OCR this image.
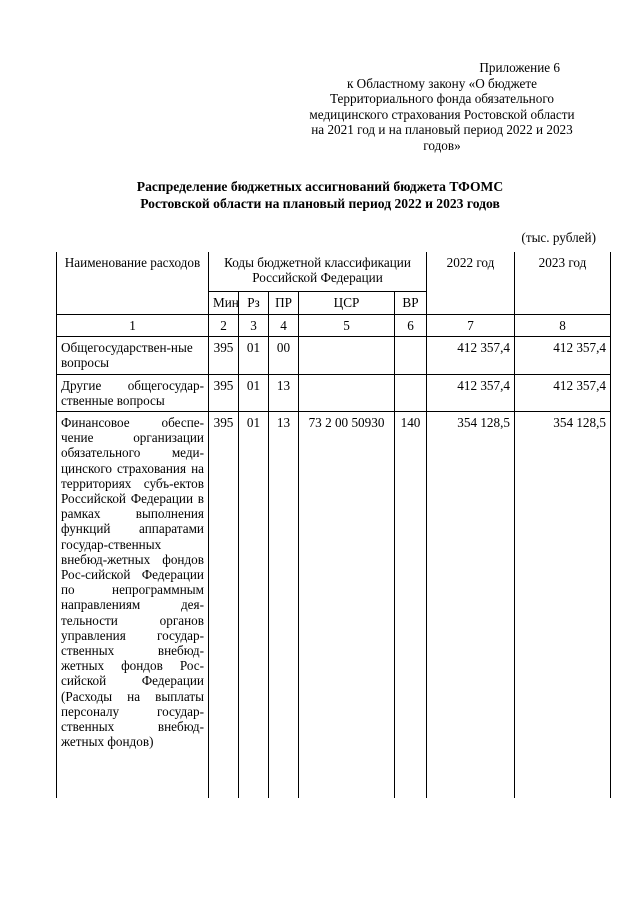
Приложение 6
к Областному закону «О бюджете Территориального фонда обязательного медицинского страхования Ростовской области на 2021 год и на плановый период 2022 и 2023 годов»
Распределение бюджетных ассигнований бюджета ТФОМС
Ростовской области на плановый период 2022 и 2023 годов
(тыс. рублей)
Наименование расходов	Коды бюджетной классификации Российской Федерации					2022 год	2023 год
	Мин	Рз	ПР	ЦСР	ВР		
1	2	3	4	5	6	7	8
Общегосударствен-ные вопросы	395	01	00			412 357,4	412 357,4
Другие общегосудар-ственные вопросы	395	01	13			412 357,4	412 357,4
Финансовое обеспе-чение организации обязательного меди-цинского страхования на территориях субъ-ектов Российской Федерации в рамках выполнения функций аппаратами государ-ственных внебюд-жетных фондов Рос-сийской Федерации по непрограммным направлениям дея-тельности органов управления государ-ственных внебюд-жетных фондов Рос-сийской Федерации (Расходы на выплаты персоналу государ-ственных внебюд-жетных фондов)	395	01	13	73 2 00 50930	140	354 128,5	354 128,5
